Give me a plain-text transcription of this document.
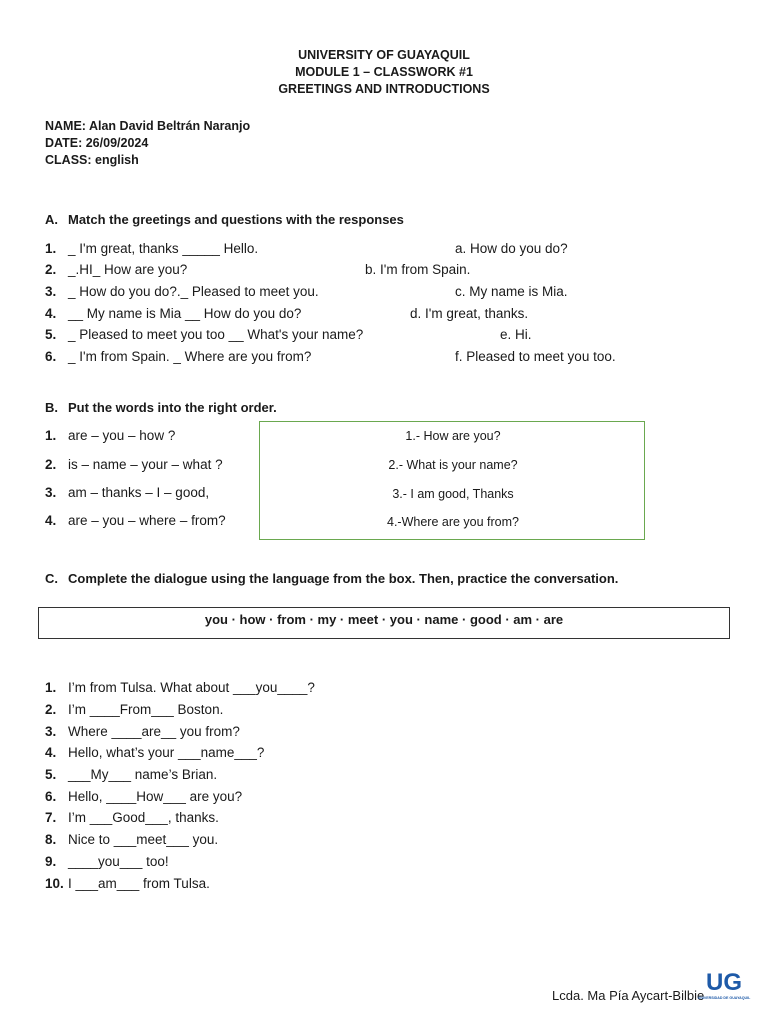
UNIVERSITY OF GUAYAQUIL
MODULE 1 – CLASSWORK #1
GREETINGS AND INTRODUCTIONS
NAME: Alan David Beltrán Naranjo
DATE: 26/09/2024
CLASS: english
A. Match the greetings and questions with the responses
1. _ I'm great, thanks _____ Hello.	a. How do you do?
2. _.HI_ How are you?	b. I'm from Spain.
3. _ How do you do?._ Pleased to meet you.	c. My name is Mia.
4. __ My name is Mia __ How do you do?	d. I'm great, thanks.
5. _ Pleased to meet you too __ What's your name?	e. Hi.
6. _ I'm from Spain. _ Where are you from?	f. Pleased to meet you too.
B. Put the words into the right order.
1. are – you – how ?
2. is – name – your – what ?
3. am – thanks – I – good,
4. are – you – where – from?
1.- How are you?
2.- What is your name?
3.- I am good, Thanks
4.-Where are you from?
C. Complete the dialogue using the language from the box. Then, practice the conversation.
you · how · from · my · meet · you · name · good · am · are
1. I’m from Tulsa. What about ___you____?
2. I’m ____From___ Boston.
3. Where ____are__ you from?
4. Hello, what’s your ___name___?
5. ___My___ name’s Brian.
6. Hello, ____How___ are you?
7. I’m ___Good___, thanks.
8. Nice to ___meet___ you.
9. ____you___ too!
10. I ___am___ from Tulsa.
Lcda. Ma Pía Aycart-Bilbie UG
UNIVERSIDAD DE GUAYAQUIL
